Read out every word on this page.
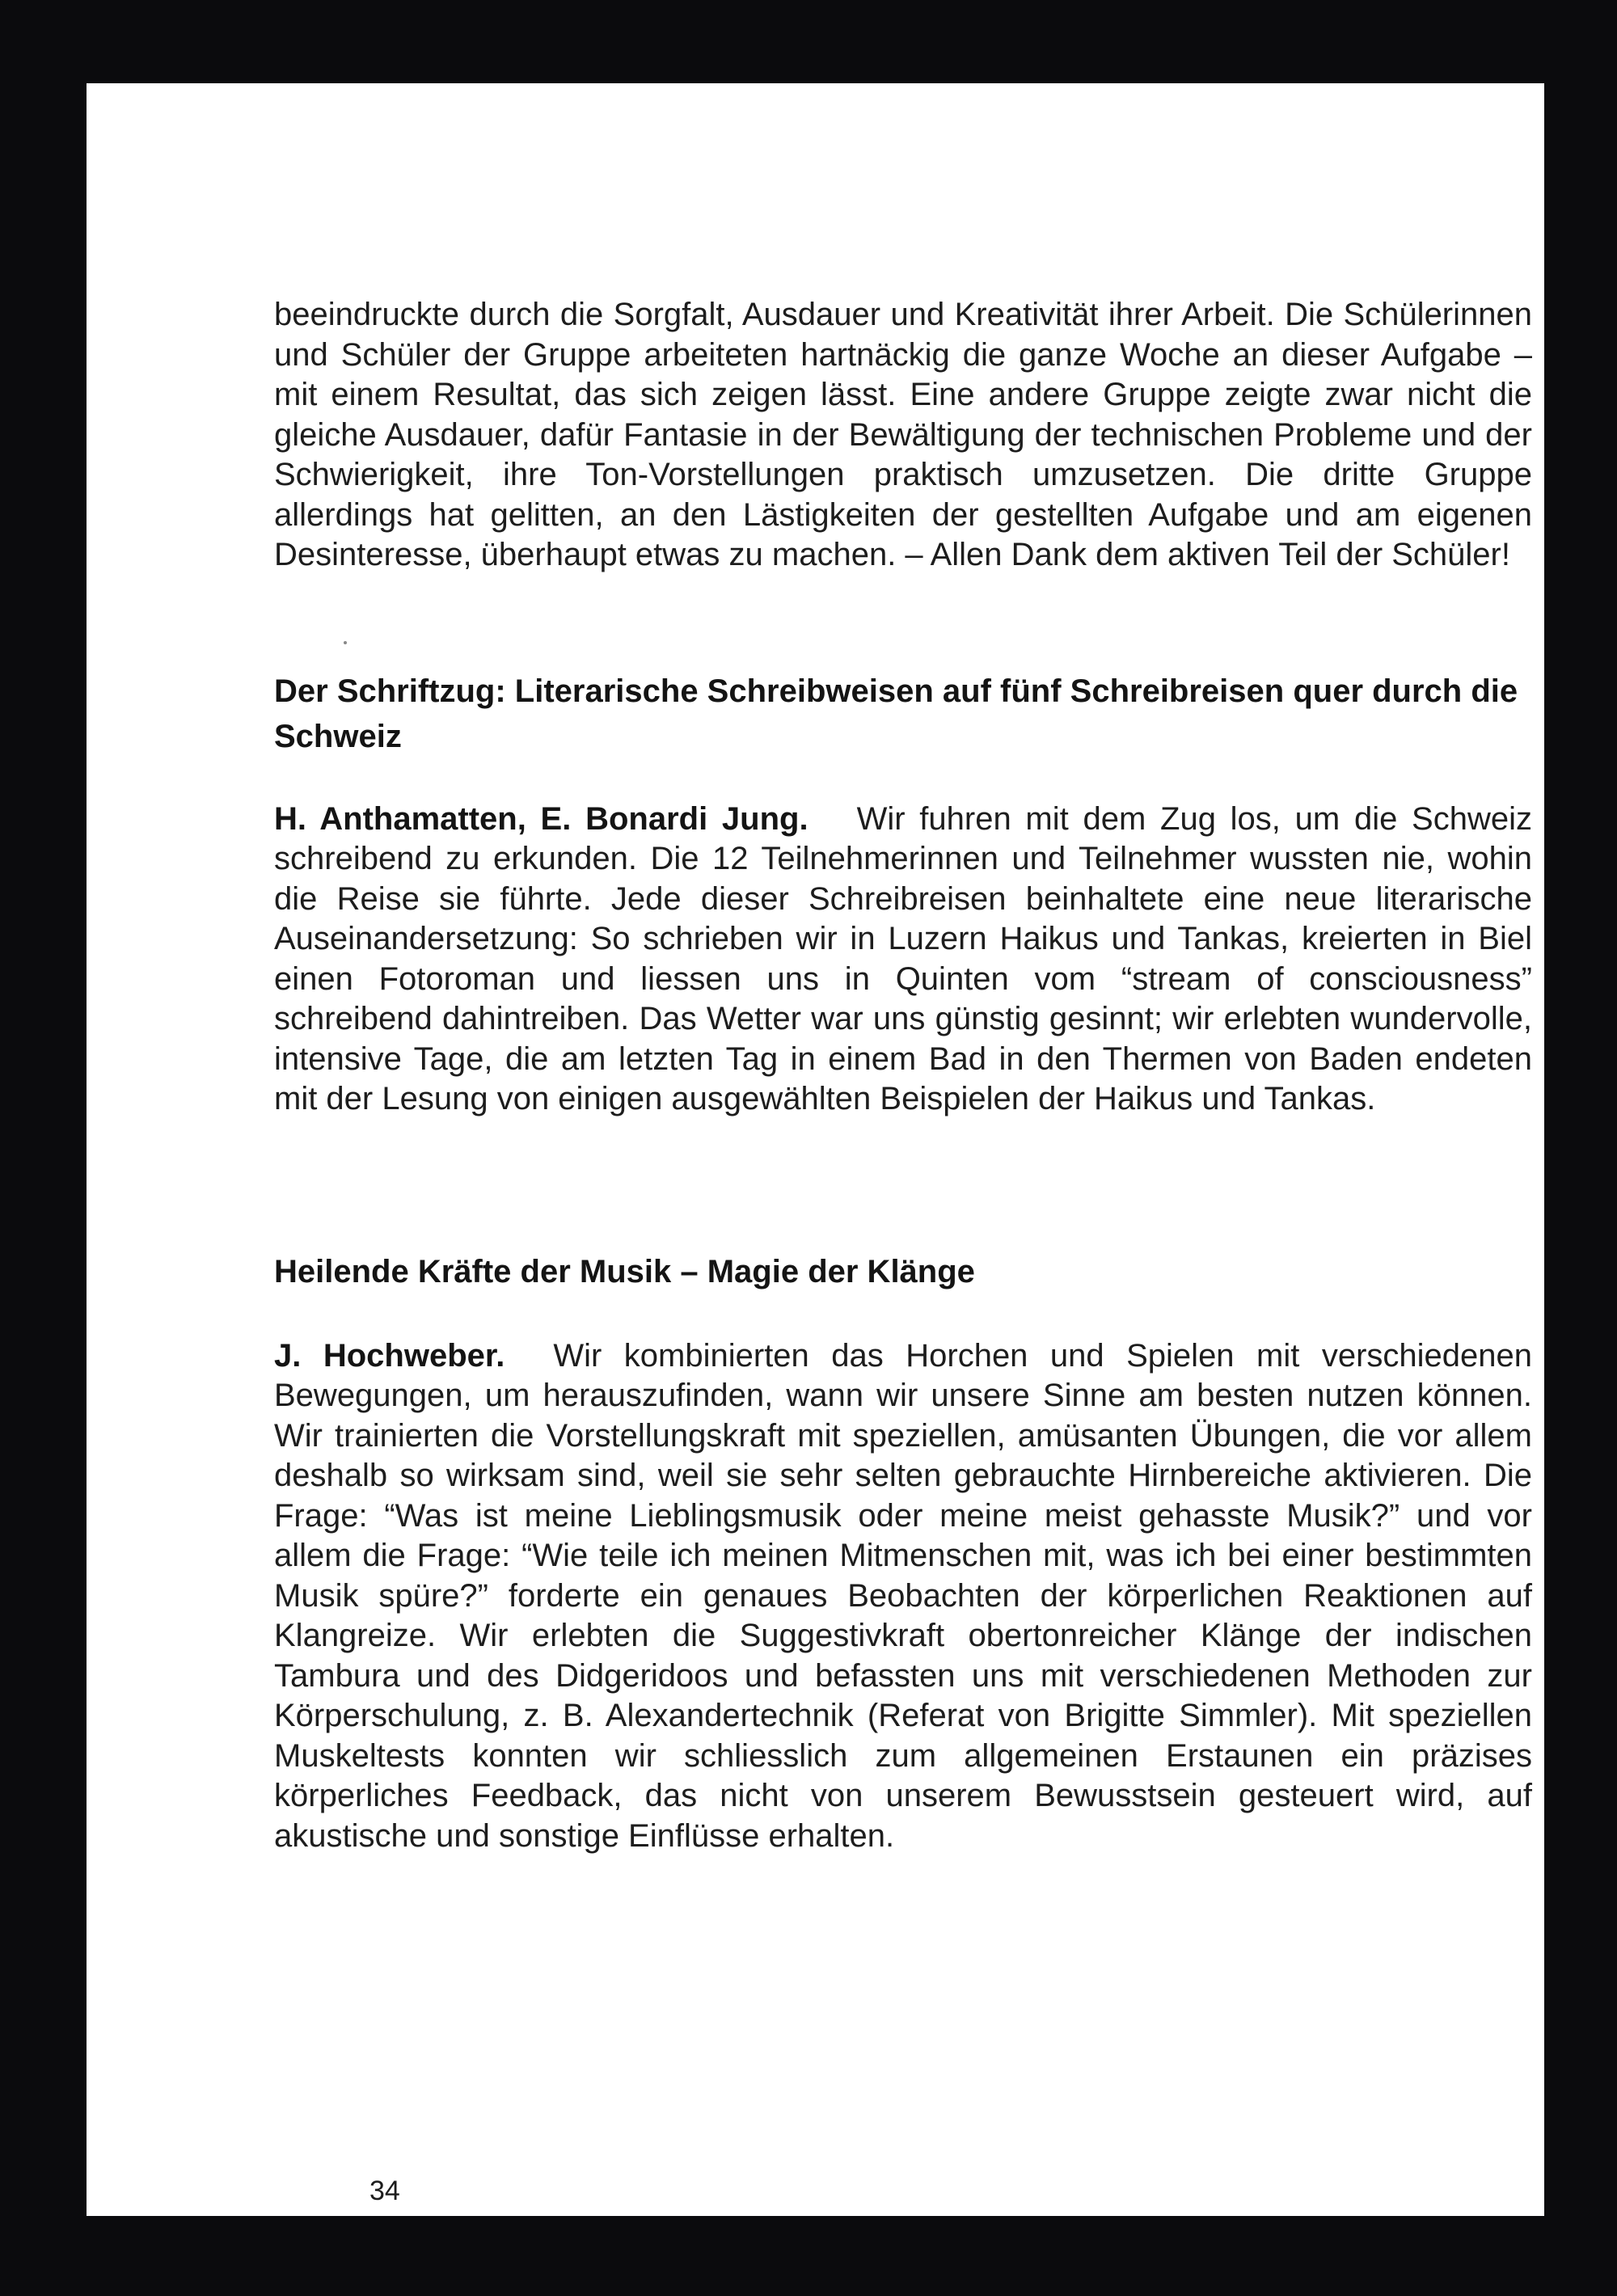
beeindruckte durch die Sorgfalt, Ausdauer und Kreativität ihrer Arbeit. Die Schülerinnen und Schüler der Gruppe arbeiteten hartnäckig die ganze Woche an dieser Aufgabe – mit einem Resultat, das sich zeigen lässt. Eine andere Gruppe zeigte zwar nicht die gleiche Ausdauer, dafür Fantasie in der Bewältigung der technischen Probleme und der Schwierigkeit, ihre Ton-Vorstellungen praktisch umzusetzen. Die dritte Gruppe allerdings hat gelitten, an den Lästigkeiten der gestellten Aufgabe und am eigenen Desinteresse, überhaupt etwas zu machen. – Allen Dank dem aktiven Teil der Schüler!

Der Schriftzug: Literarische Schreibweisen auf fünf Schreibreisen quer durch die Schweiz

H. Anthamatten, E. Bonardi Jung. Wir fuhren mit dem Zug los, um die Schweiz schreibend zu erkunden. Die 12 Teilnehmerinnen und Teilnehmer wussten nie, wohin die Reise sie führte. Jede dieser Schreibreisen beinhaltete eine neue literarische Auseinandersetzung: So schrieben wir in Luzern Haikus und Tankas, kreierten in Biel einen Fotoroman und liessen uns in Quinten vom “stream of consciousness” schreibend dahintreiben. Das Wetter war uns günstig gesinnt; wir erlebten wundervolle, intensive Tage, die am letzten Tag in einem Bad in den Thermen von Baden endeten mit der Lesung von einigen ausgewählten Beispielen der Haikus und Tankas.

Heilende Kräfte der Musik – Magie der Klänge

J. Hochweber. Wir kombinierten das Horchen und Spielen mit verschiedenen Bewegungen, um herauszufinden, wann wir unsere Sinne am besten nutzen können. Wir trainierten die Vorstellungskraft mit speziellen, amüsanten Übungen, die vor allem deshalb so wirksam sind, weil sie sehr selten gebrauchte Hirnbereiche aktivieren. Die Frage: “Was ist meine Lieblingsmusik oder meine meist gehasste Musik?” und vor allem die Frage: “Wie teile ich meinen Mitmenschen mit, was ich bei einer bestimmten Musik spüre?” forderte ein genaues Beobachten der körperlichen Reaktionen auf Klangreize. Wir erlebten die Suggestivkraft obertonreicher Klänge der indischen Tambura und des Didgeridoos und befassten uns mit verschiedenen Methoden zur Körperschulung, z. B. Alexandertechnik (Referat von Brigitte Simmler). Mit speziellen Muskeltests konnten wir schliesslich zum allgemeinen Erstaunen ein präzises körperliches Feedback, das nicht von unserem Bewusstsein gesteuert wird, auf akustische und sonstige Einflüsse erhalten.

34
